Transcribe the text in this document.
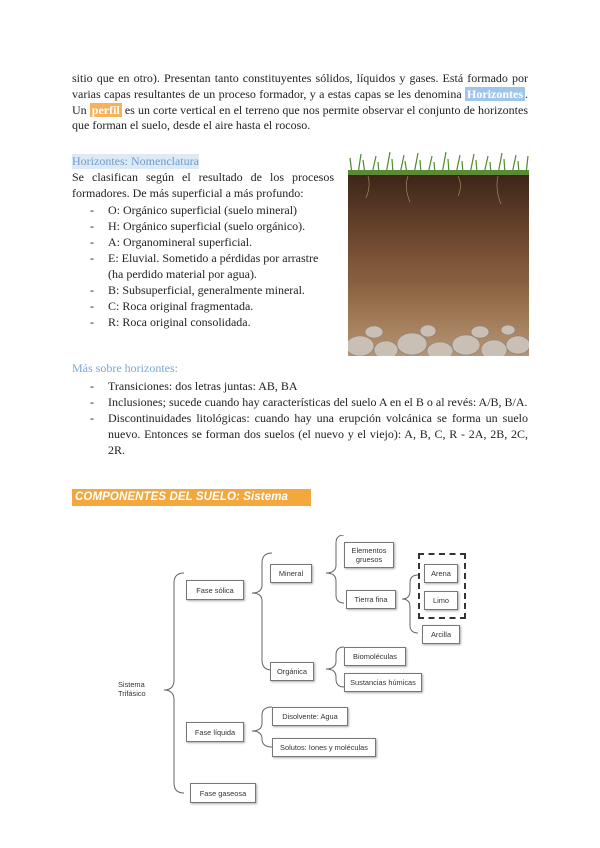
sitio que en otro). Presentan tanto constituyentes sólidos, líquidos y gases. Está formado por varias capas resultantes de un proceso formador, y a estas capas se les denomina Horizontes . Un perfil es un corte vertical en el terreno que nos permite observar el conjunto de horizontes que forman el suelo, desde el aire hasta el rocoso.
Horizontes: Nomenclatura
Se clasifican según el resultado de los procesos formadores. De más superficial a más profundo:
- O: Orgánico superficial (suelo mineral)
- H: Orgánico superficial (suelo orgánico).
- A: Organomineral superficial.
- E: Eluvial. Sometido a pérdidas por arrastre (ha perdido material por agua).
- B: Subsuperficial, generalmente mineral.
- C: Roca original fragmentada.
- R: Roca original consolidada.
Más sobre horizontes:
- Transiciones: dos letras juntas: AB, BA
- Inclusiones; sucede cuando hay características del suelo A en el B o al revés: A/B, B/A.
- Discontinuidades litológicas: cuando hay una erupción volcánica se forma un suelo nuevo. Entonces se forman dos suelos (el nuevo y el viejo): A, B, C, R - 2A, 2B, 2C, 2R.
COMPONENTES DEL SUELO: Sistema Trifásico
Sistema Trifásico
Fase sólica
Fase líquida
Fase gaseosa
Mineral
Orgánica
Elementos gruesos
Tierra fina
Arena
Limo
Arcilla
Biomoléculas
Sustancias húmicas
Disolvente: Agua
Solutos: Iones y moléculas
